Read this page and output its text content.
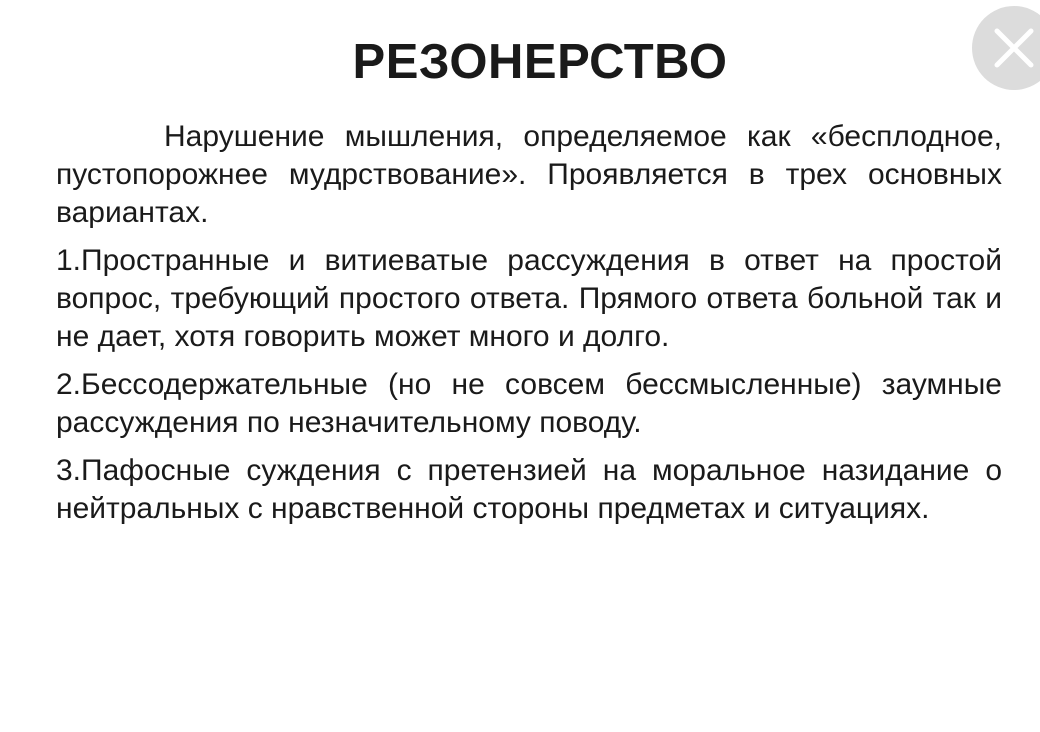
РЕЗОНЕРСТВО

Нарушение мышления, определяемое как «бесплодное, пустопорожнее мудрствование». Проявляется в трех основных вариантах.

1.Пространные и витиеватые рассуждения в ответ на простой вопрос, требующий простого ответа. Прямого ответа больной так и не дает, хотя говорить может много и долго.

2.Бессодержательные (но не совсем бессмысленные) заумные рассуждения по незначительному поводу.

3.Пафосные суждения с претензией на моральное назидание о нейтральных с нравственной стороны предметах и ситуациях.
